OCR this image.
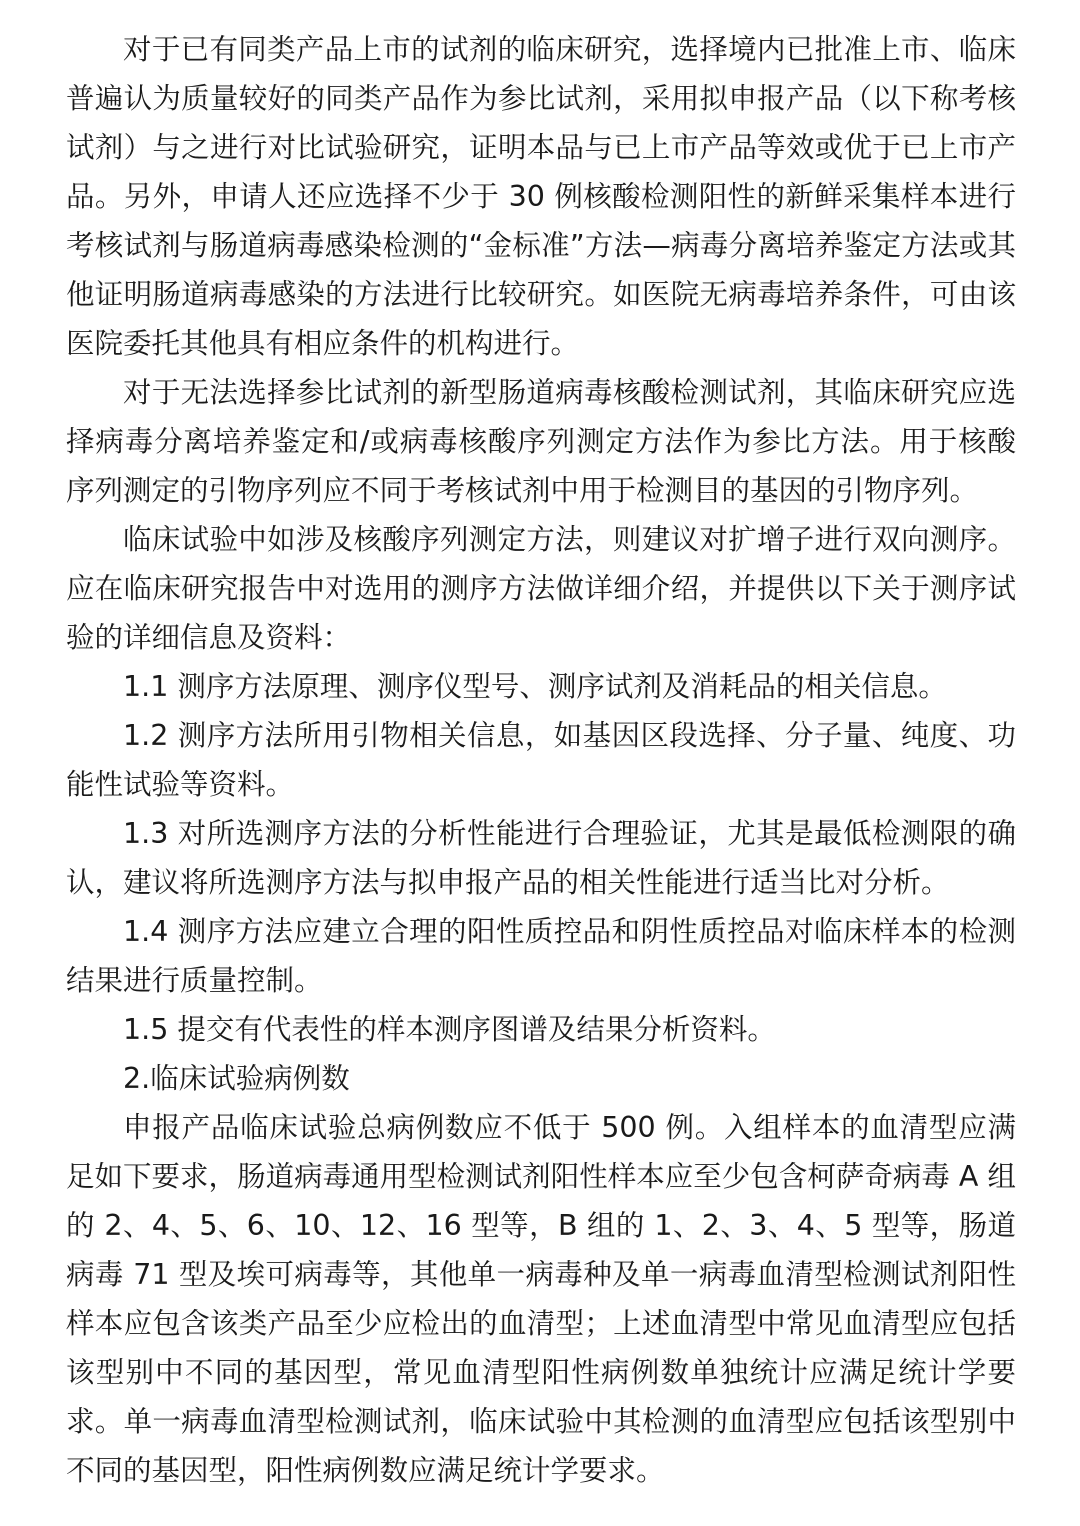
对于已有同类产品上市的试剂的临床研究，选择境内已批准上市、临床普遍认为质量较好的同类产品作为参比试剂，采用拟申报产品（以下称考核试剂）与之进行对比试验研究，证明本品与已上市产品等效或优于已上市产品。另外，申请人还应选择不少于 30 例核酸检测阳性的新鲜采集样本进行考核试剂与肠道病毒感染检测的“金标准”方法—病毒分离培养鉴定方法或其他证明肠道病毒感染的方法进行比较研究。如医院无病毒培养条件，可由该医院委托其他具有相应条件的机构进行。

对于无法选择参比试剂的新型肠道病毒核酸检测试剂，其临床研究应选择病毒分离培养鉴定和/或病毒核酸序列测定方法作为参比方法。用于核酸序列测定的引物序列应不同于考核试剂中用于检测目的基因的引物序列。

临床试验中如涉及核酸序列测定方法，则建议对扩增子进行双向测序。应在临床研究报告中对选用的测序方法做详细介绍，并提供以下关于测序试验的详细信息及资料：

1.1 测序方法原理、测序仪型号、测序试剂及消耗品的相关信息。

1.2 测序方法所用引物相关信息，如基因区段选择、分子量、纯度、功能性试验等资料。

1.3 对所选测序方法的分析性能进行合理验证，尤其是最低检测限的确认，建议将所选测序方法与拟申报产品的相关性能进行适当比对分析。

1.4 测序方法应建立合理的阳性质控品和阴性质控品对临床样本的检测结果进行质量控制。

1.5 提交有代表性的样本测序图谱及结果分析资料。

2.临床试验病例数

申报产品临床试验总病例数应不低于 500 例。入组样本的血清型应满足如下要求，肠道病毒通用型检测试剂阳性样本应至少包含柯萨奇病毒 A 组的 2、4、5、6、10、12、16 型等，B 组的 1、2、3、4、5 型等，肠道病毒 71 型及埃可病毒等，其他单一病毒种及单一病毒血清型检测试剂阳性样本应包含该类产品至少应检出的血清型；上述血清型中常见血清型应包括该型别中不同的基因型，常见血清型阳性病例数单独统计应满足统计学要求。单一病毒血清型检测试剂，临床试验中其检测的血清型应包括该型别中不同的基因型，阳性病例数应满足统计学要求。
